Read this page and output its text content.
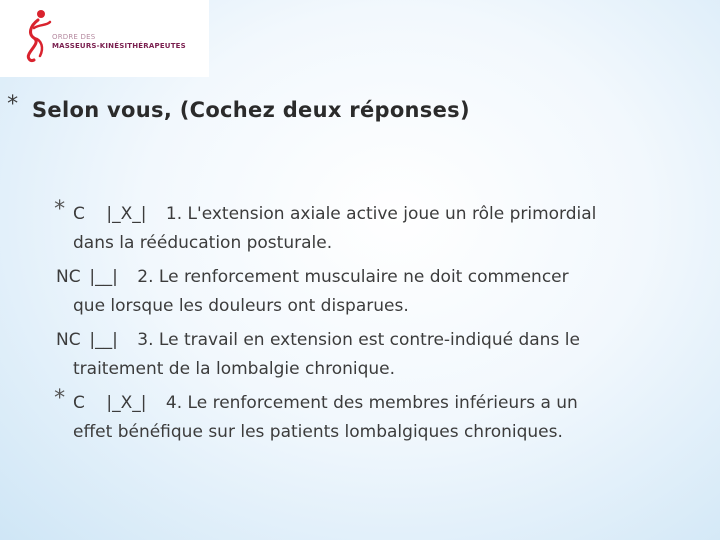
ORDRE DES
MASSEURS-KINÉSITHÉRAPEUTES
* Selon vous, (Cochez deux réponses)
* C |_X_| 1. L'extension axiale active joue un rôle primordial
dans la rééducation posturale.
NC |__| 2. Le renforcement musculaire ne doit commencer
que lorsque les douleurs ont disparues.
NC |__| 3. Le travail en extension est contre-indiqué dans le
traitement de la lombalgie chronique.
* C |_X_| 4. Le renforcement des membres inférieurs a un
effet bénéfique sur les patients lombalgiques chroniques.
